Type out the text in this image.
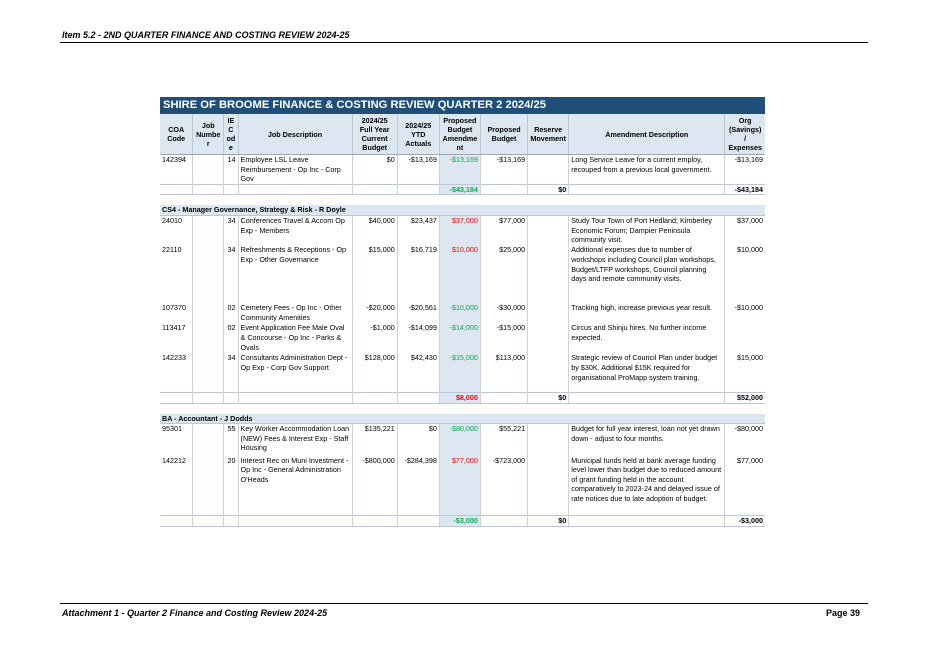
Item 5.2 - 2ND QUARTER FINANCE AND COSTING REVIEW 2024-25
SHIRE OF BROOME FINANCE & COSTING REVIEW QUARTER 2 2024/25
COA Code	Job Number	IE Code	Job Description	2024/25 Full Year Current Budget	2024/25 YTD Actuals	Proposed Budget Amendment	Proposed Budget	Reserve Movement	Amendment Description	Org (Savings) / Expenses
142394		14	Employee LSL Leave Reimbursement - Op Inc - Corp Gov	$0	-$13,169	-$13,169	-$13,169		Long Service Leave for a current employ, recouped from a previous local government.	-$13,169
						-$43,184		$0		-$43,184

CS4 - Manager Governance, Strategy & Risk - R Doyle										
24010		34	Conferences Travel & Accom Op Exp - Members	$40,000	$23,437	$37,000	$77,000		Study Tour Town of Port Hedland; Kimberley Economic Forum; Dampier Peninsula community visit.	$37,000
22110		34	Refreshments & Receptions - Op Exp - Other Governance	$15,000	$16,719	$10,000	$25,000		Additional expenses due to number of workshops including Council plan workshops, Budget/LTFP workshops, Council planning days and remote community visits.	$10,000
107370		02	Cemetery Fees - Op Inc - Other Community Amenities	-$20,000	-$20,561	-$10,000	-$30,000		Tracking high, increase previous year result.	-$10,000
113417		02	Event Application Fee Male Oval & Concourse - Op Inc - Parks & Ovals	-$1,000	-$14,099	-$14,000	-$15,000		Circus and Shinju hires. No further income expected.	
142233		34	Consultants Administration Dept - Op Exp - Corp Gov Support	$128,000	$42,430	-$15,000	$113,000		Strategic review of Council Plan under budget by $30K. Additional $15K required for organisational ProMapp system training.	$15,000
						$8,000		$0		$52,000

BA - Accountant - J Dodds										
95301		55	Key Worker Accommodation Loan (NEW) Fees & Interest Exp - Staff Housing	$135,221	$0	-$80,000	$55,221		Budget for full year interest, loan not yet drawn down - adjust to four months.	-$80,000
142212		20	Interest Rec on Muni Investment - Op Inc - General Administration O'Heads	-$800,000	-$284,398	$77,000	-$723,000		Municipal funds held at bank average funding level lower than budget due to reduced amount of grant funding held in the account comparatively to 2023-24 and delayed issue of rate notices due to late adoption of budget.	$77,000
						-$3,000		$0		-$3,000
Attachment 1 - Quarter 2 Finance and Costing Review 2024-25	Page 39
